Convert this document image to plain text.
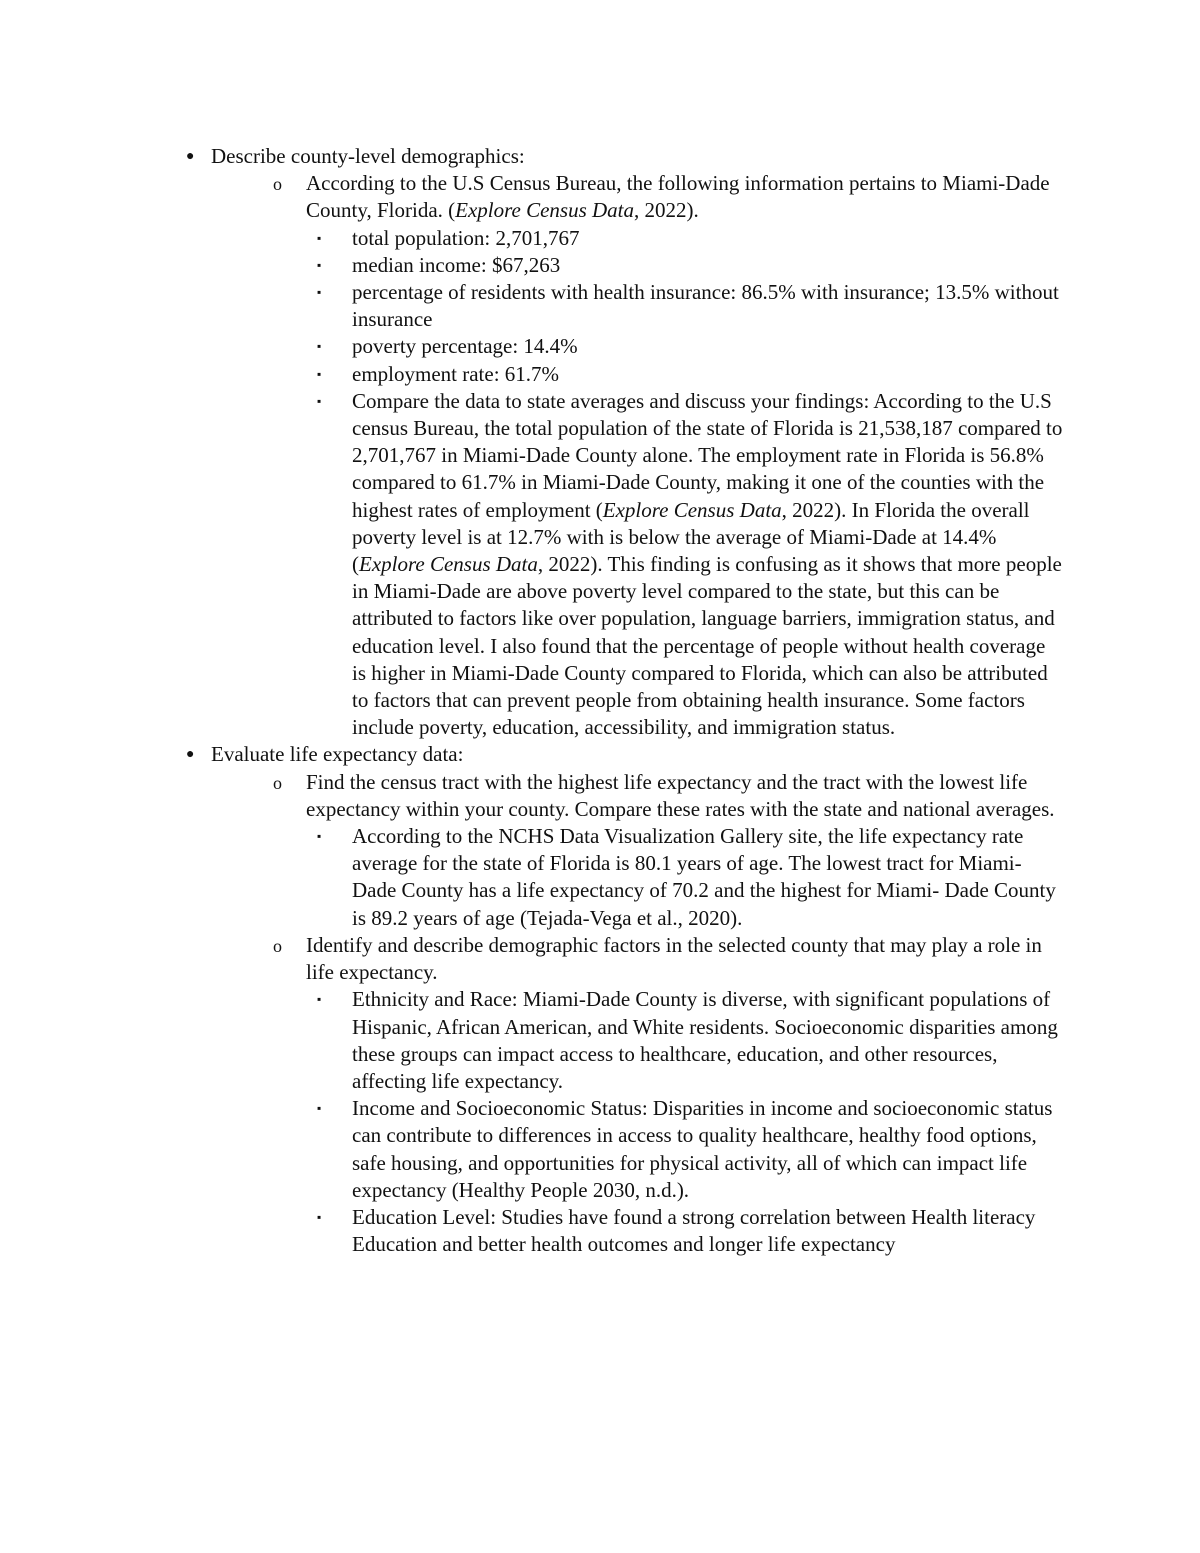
● Describe county-level demographics:
o According to the U.S Census Bureau, the following information pertains to Miami-Dade County, Florida. (Explore Census Data, 2022).
▪ total population: 2,701,767
▪ median income: $67,263
▪ percentage of residents with health insurance: 86.5% with insurance; 13.5% without insurance
▪ poverty percentage: 14.4%
▪ employment rate: 61.7%
▪ Compare the data to state averages and discuss your findings: According to the U.S census Bureau, the total population of the state of Florida is 21,538,187 compared to 2,701,767 in Miami-Dade County alone. The employment rate in Florida is 56.8% compared to 61.7% in Miami-Dade County, making it one of the counties with the highest rates of employment (Explore Census Data, 2022). In Florida the overall poverty level is at 12.7% with is below the average of Miami-Dade at 14.4% (Explore Census Data, 2022). This finding is confusing as it shows that more people in Miami-Dade are above poverty level compared to the state, but this can be attributed to factors like over population, language barriers, immigration status, and education level. I also found that the percentage of people without health coverage is higher in Miami-Dade County compared to Florida, which can also be attributed to factors that can prevent people from obtaining health insurance. Some factors include poverty, education, accessibility, and immigration status.
● Evaluate life expectancy data:
o Find the census tract with the highest life expectancy and the tract with the lowest life expectancy within your county. Compare these rates with the state and national averages.
▪ According to the NCHS Data Visualization Gallery site, the life expectancy rate average for the state of Florida is 80.1 years of age. The lowest tract for Miami- Dade County has a life expectancy of 70.2 and the highest for Miami- Dade County is 89.2 years of age (Tejada-Vega et al., 2020).
o Identify and describe demographic factors in the selected county that may play a role in life expectancy.
▪ Ethnicity and Race: Miami-Dade County is diverse, with significant populations of Hispanic, African American, and White residents. Socioeconomic disparities among these groups can impact access to healthcare, education, and other resources, affecting life expectancy.
▪ Income and Socioeconomic Status: Disparities in income and socioeconomic status can contribute to differences in access to quality healthcare, healthy food options, safe housing, and opportunities for physical activity, all of which can impact life expectancy (Healthy People 2030, n.d.).
▪ Education Level: Studies have found a strong correlation between Health literacy Education and better health outcomes and longer life expectancy
